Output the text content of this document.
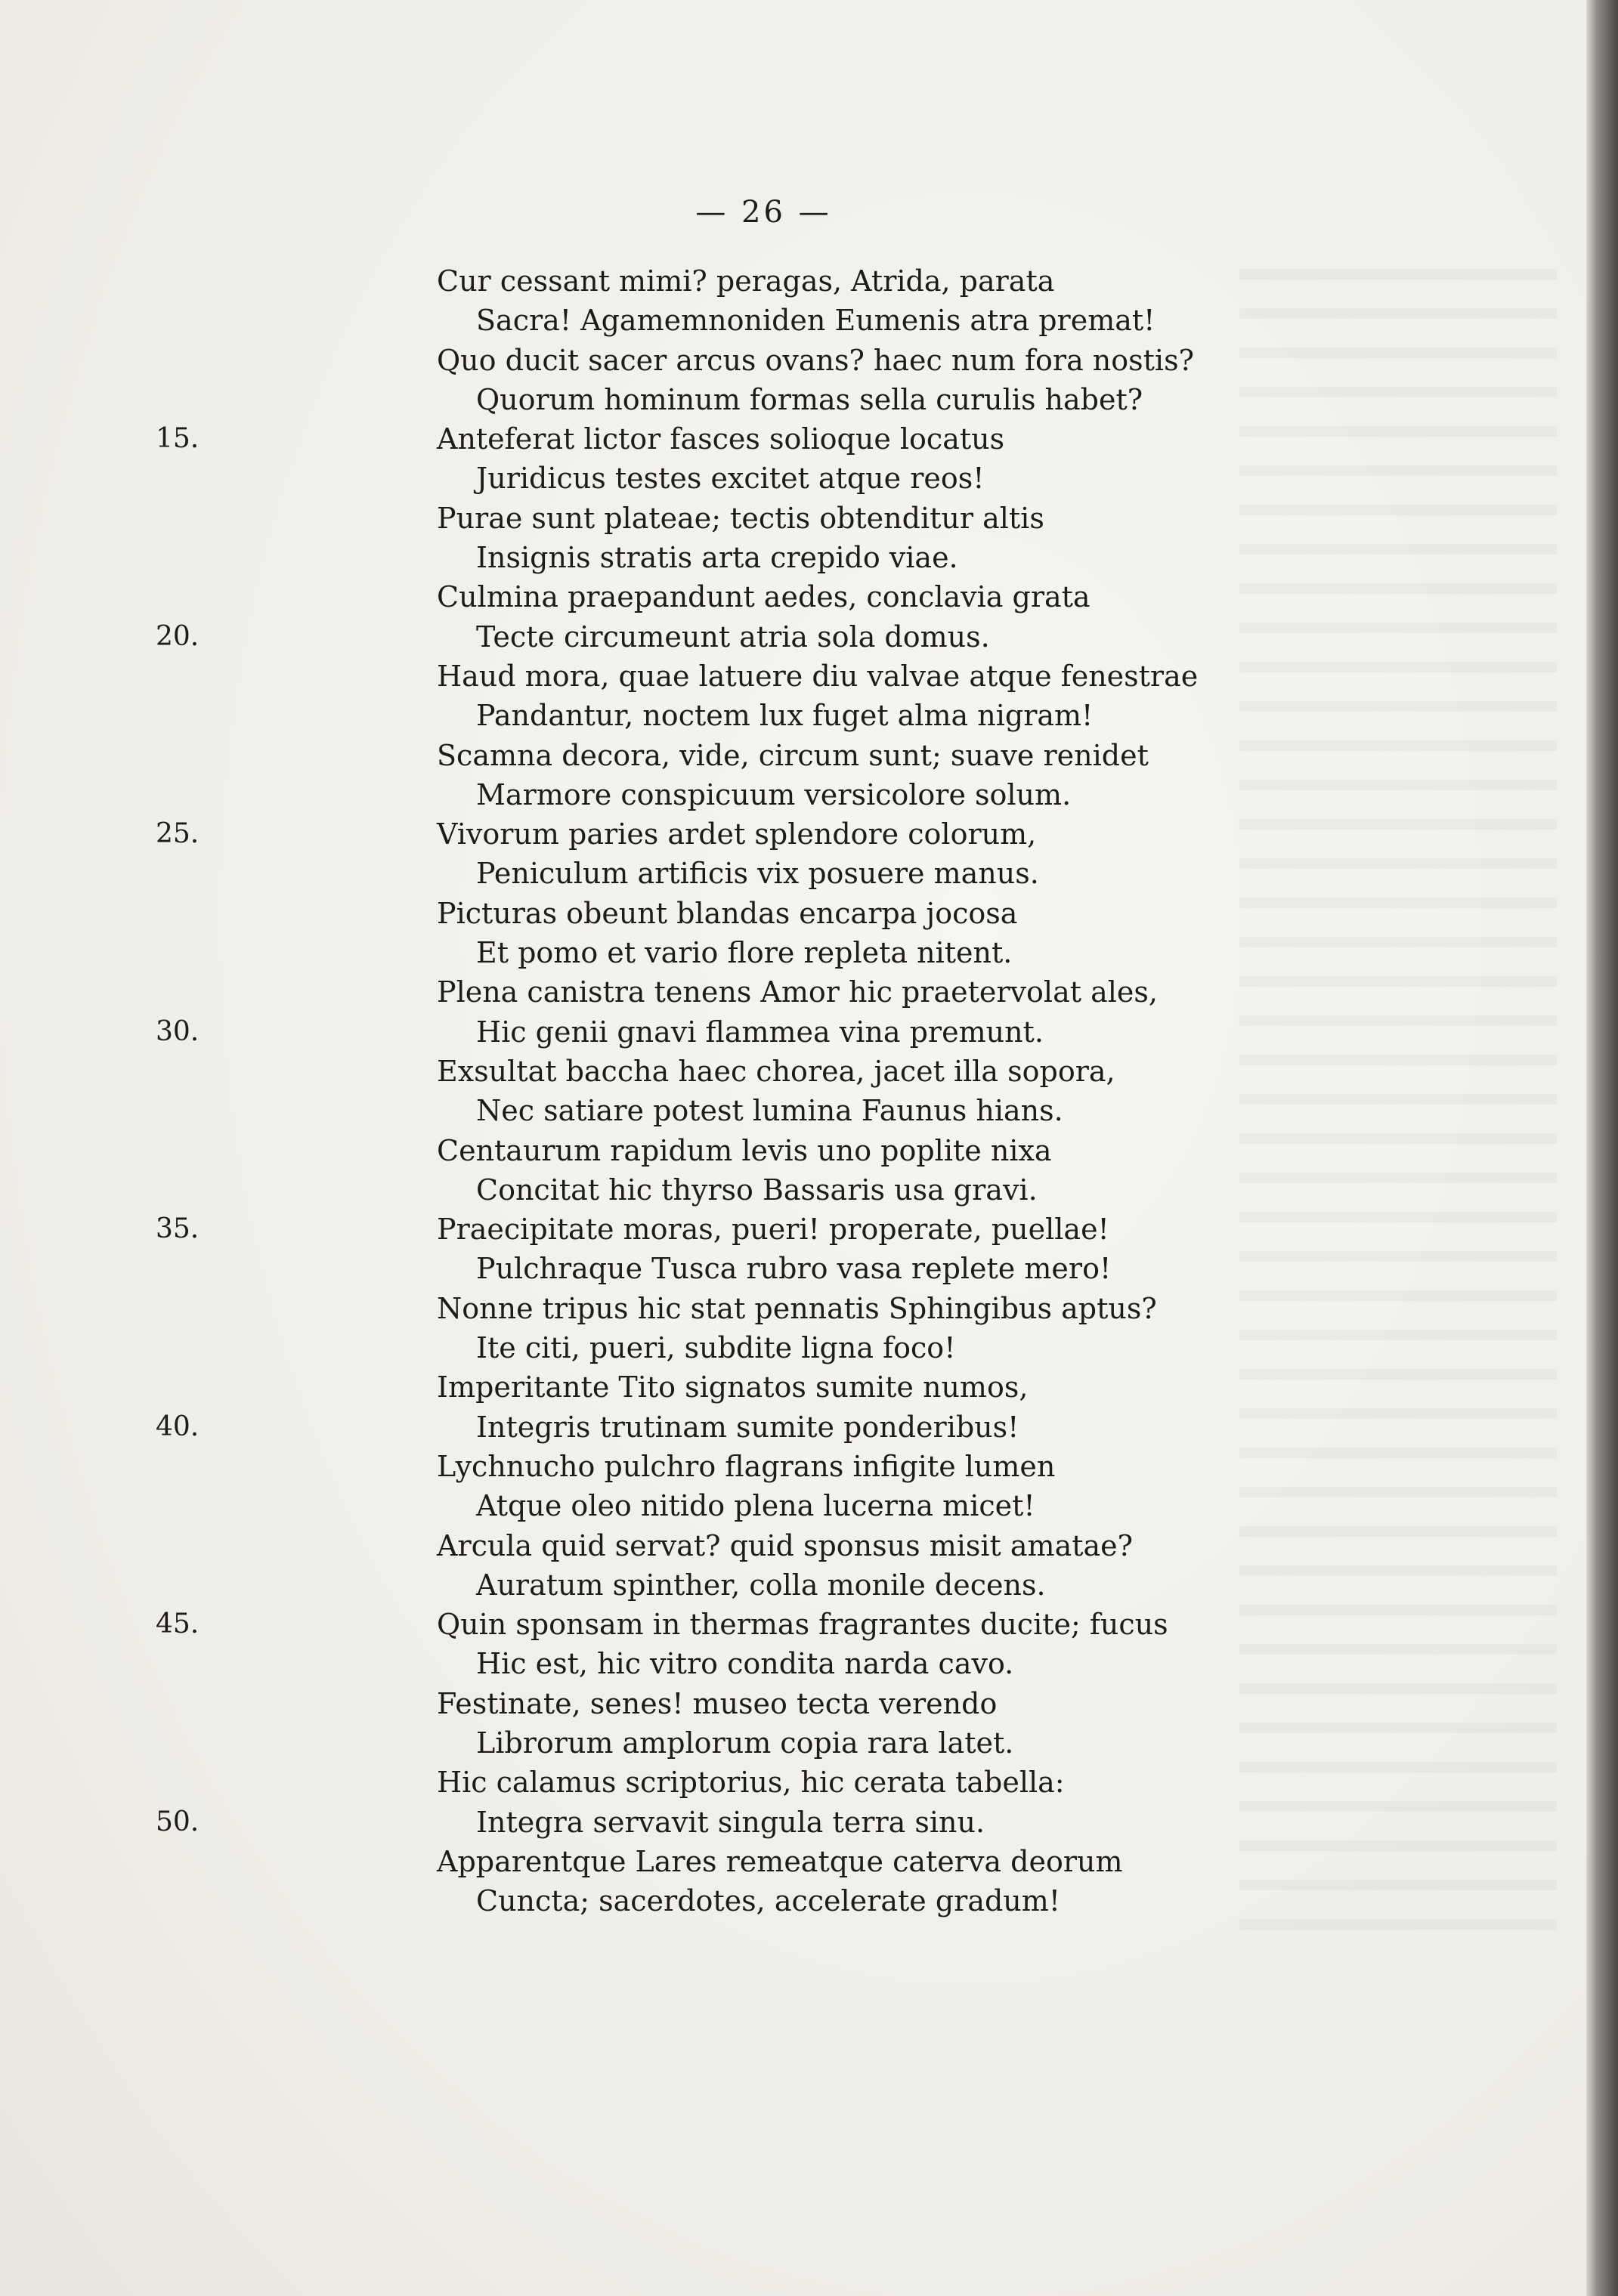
— 26 —
Cur cessant mimi? peragas, Atrida, parata
Sacra! Agamemnoniden Eumenis atra premat!
Quo ducit sacer arcus ovans? haec num fora nostis?
Quorum hominum formas sella curulis habet?
15.	Anteferat lictor fasces solioque locatus
Juridicus testes excitet atque reos!
Purae sunt plateae; tectis obtenditur altis
Insignis stratis arta crepido viae.
Culmina praepandunt aedes, conclavia grata
20.	Tecte circumeunt atria sola domus.
Haud mora, quae latuere diu valvae atque fenestrae
Pandantur, noctem lux fuget alma nigram!
Scamna decora, vide, circum sunt; suave renidet
Marmore conspicuum versicolore solum.
25.	Vivorum paries ardet splendore colorum,
Peniculum artificis vix posuere manus.
Picturas obeunt blandas encarpa jocosa
Et pomo et vario flore repleta nitent.
Plena canistra tenens Amor hic praetervolat ales,
30.	Hic genii gnavi flammea vina premunt.
Exsultat baccha haec chorea, jacet illa sopora,
Nec satiare potest lumina Faunus hians.
Centaurum rapidum levis uno poplite nixa
Concitat hic thyrso Bassaris usa gravi.
35.	Praecipitate moras, pueri! properate, puellae!
Pulchraque Tusca rubro vasa replete mero!
Nonne tripus hic stat pennatis Sphingibus aptus?
Ite citi, pueri, subdite ligna foco!
Imperitante Tito signatos sumite numos,
40.	Integris trutinam sumite ponderibus!
Lychnucho pulchro flagrans infigite lumen
Atque oleo nitido plena lucerna micet!
Arcula quid servat? quid sponsus misit amatae?
Auratum spinther, colla monile decens.
45.	Quin sponsam in thermas fragrantes ducite; fucus
Hic est, hic vitro condita narda cavo.
Festinate, senes! museo tecta verendo
Librorum amplorum copia rara latet.
Hic calamus scriptorius, hic cerata tabella:
50.	Integra servavit singula terra sinu.
Apparentque Lares remeatque caterva deorum
Cuncta; sacerdotes, accelerate gradum!
